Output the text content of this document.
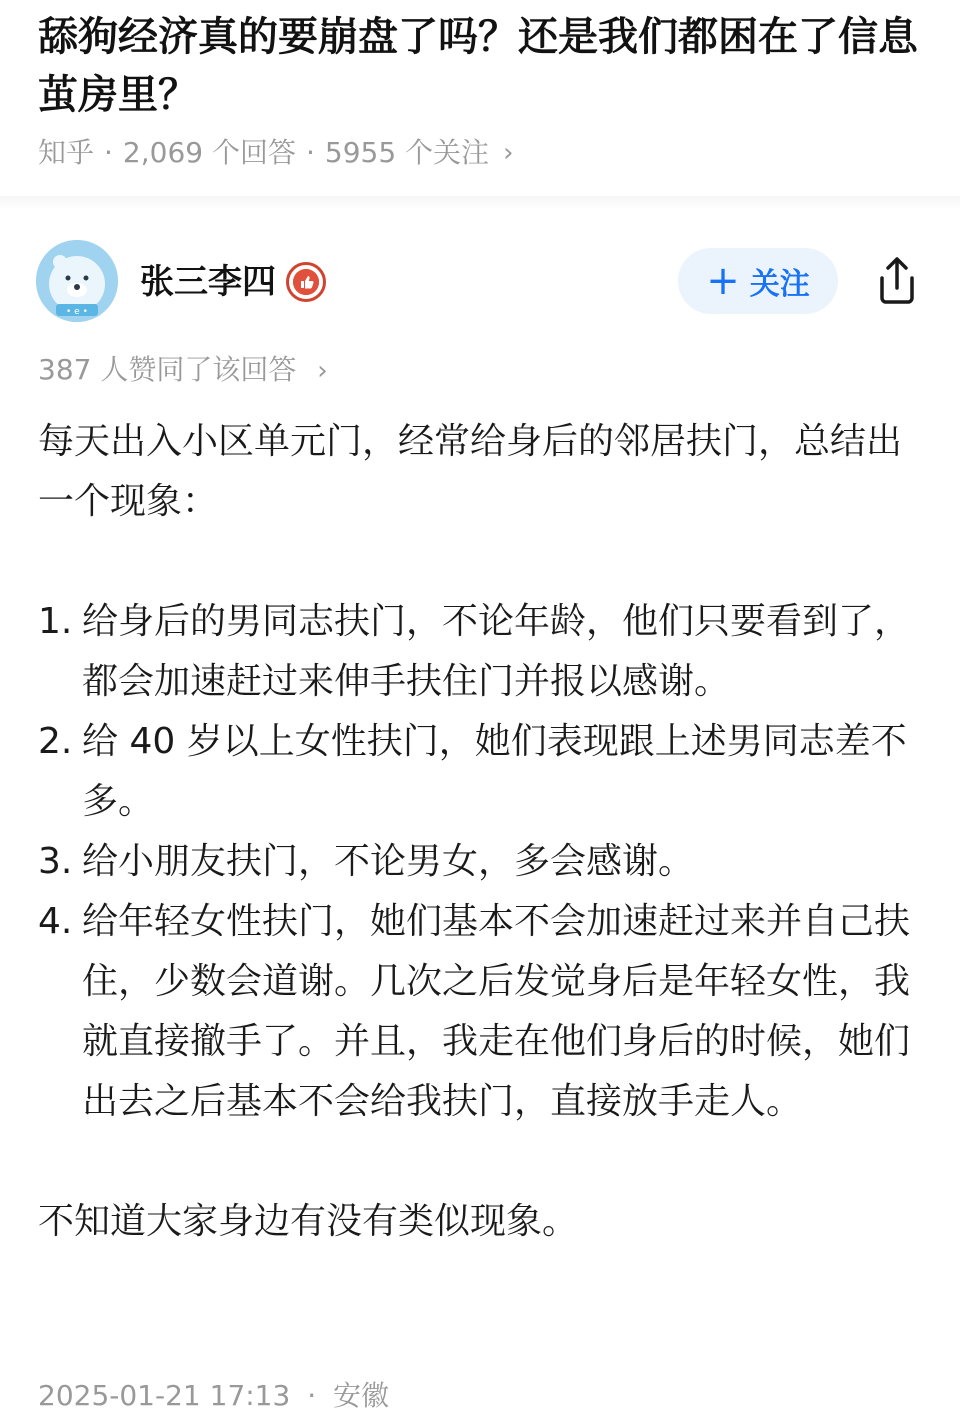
舔狗经济真的要崩盘了吗？还是我们都困在了信息茧房里？
知乎 · 2,069 个回答 · 5955 个关注 ›
• e •
张三李四	+ 关注
387 人赞同了该回答 ›

每天出入小区单元门，经常给身后的邻居扶门，总结出一个现象：

1. 给身后的男同志扶门，不论年龄，他们只要看到了，都会加速赶过来伸手扶住门并报以感谢。
2. 给 40 岁以上女性扶门，她们表现跟上述男同志差不多。
3. 给小朋友扶门，不论男女，多会感谢。
4. 给年轻女性扶门，她们基本不会加速赶过来并自己扶住，少数会道谢。几次之后发觉身后是年轻女性，我就直接撤手了。并且，我走在他们身后的时候，她们出去之后基本不会给我扶门，直接放手走人。

不知道大家身边有没有类似现象。

2025-01-21 17:13 · 安徽
